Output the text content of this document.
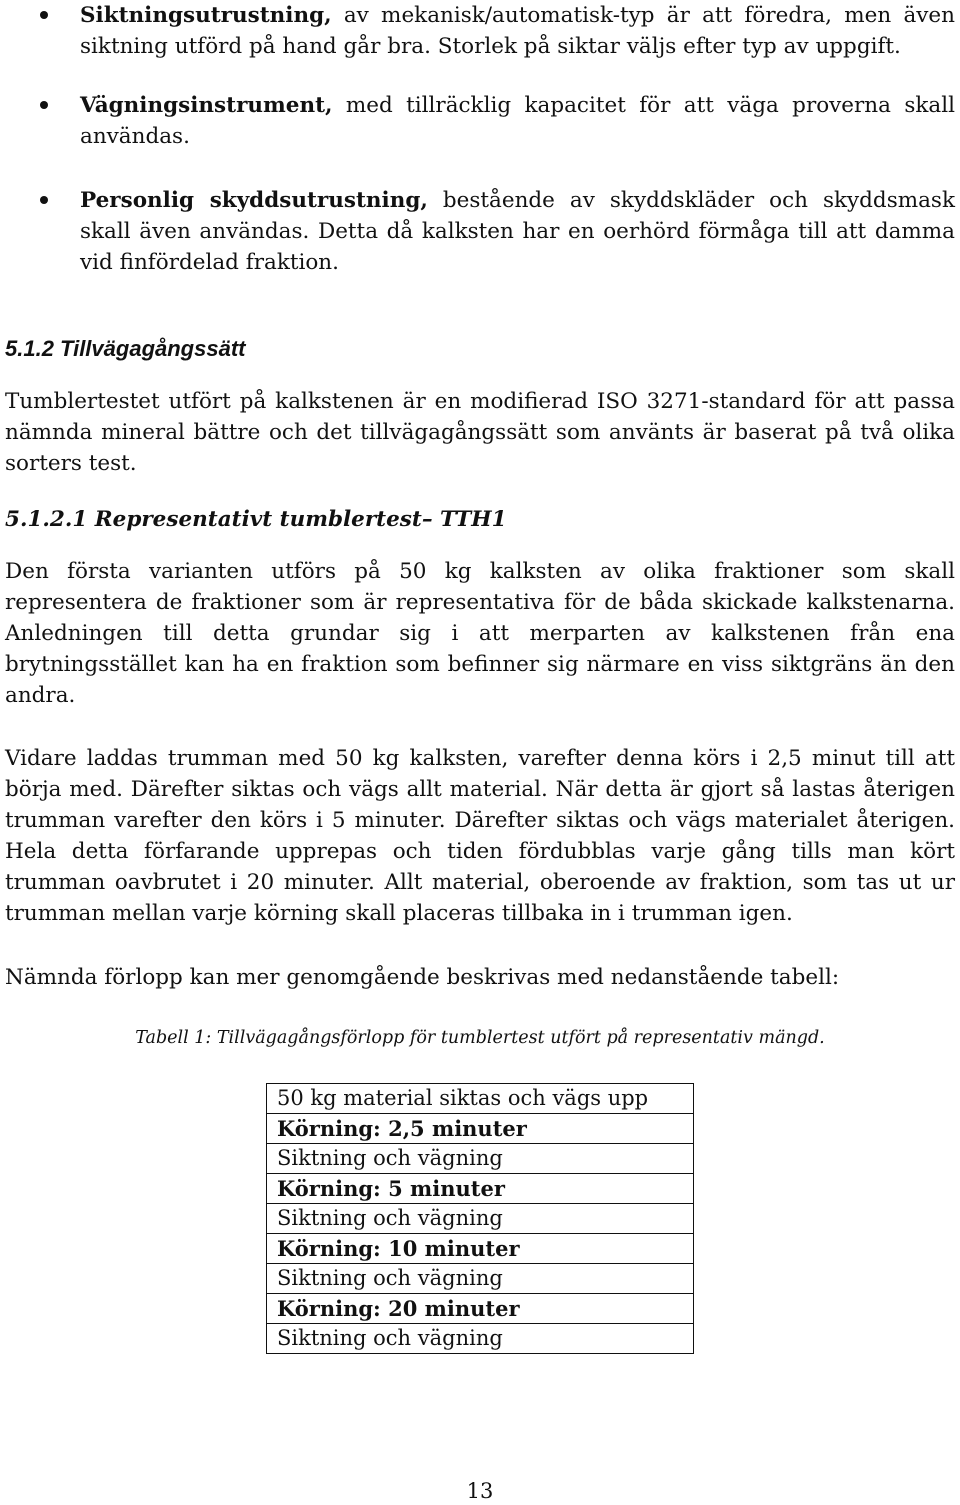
Siktningsutrustning, av mekanisk/automatisk-typ är att föredra, men även siktning utförd på hand går bra. Storlek på siktar väljs efter typ av uppgift.
Vägningsinstrument, med tillräcklig kapacitet för att väga proverna skall användas.
Personlig skyddsutrustning, bestående av skyddskläder och skyddsmask skall även användas. Detta då kalksten har en oerhörd förmåga till att damma vid finfördelad fraktion.
5.1.2 Tillvägagångssätt

Tumblertestet utfört på kalkstenen är en modifierad ISO 3271-standard för att passa nämnda mineral bättre och det tillvägagångssätt som använts är baserat på två olika sorters test.

5.1.2.1 Representativt tumblertest– TTH1

Den första varianten utförs på 50 kg kalksten av olika fraktioner som skall representera de fraktioner som är representativa för de båda skickade kalkstenarna. Anledningen till detta grundar sig i att merparten av kalkstenen från ena brytningsstället kan ha en fraktion som befinner sig närmare en viss siktgräns än den andra.

Vidare laddas trumman med 50 kg kalksten, varefter denna körs i 2,5 minut till att börja med. Därefter siktas och vägs allt material. När detta är gjort så lastas återigen trumman varefter den körs i 5 minuter. Därefter siktas och vägs materialet återigen. Hela detta förfarande upprepas och tiden fördubblas varje gång tills man kört trumman oavbrutet i 20 minuter. Allt material, oberoende av fraktion, som tas ut ur trumman mellan varje körning skall placeras tillbaka in i trumman igen.

Nämnda förlopp kan mer genomgående beskrivas med nedanstående tabell:

Tabell 1: Tillvägagångsförlopp för tumblertest utfört på representativ mängd.

50 kg material siktas och vägs upp
Körning: 2,5 minuter
Siktning och vägning
Körning: 5 minuter
Siktning och vägning
Körning: 10 minuter
Siktning och vägning
Körning: 20 minuter
Siktning och vägning

13
